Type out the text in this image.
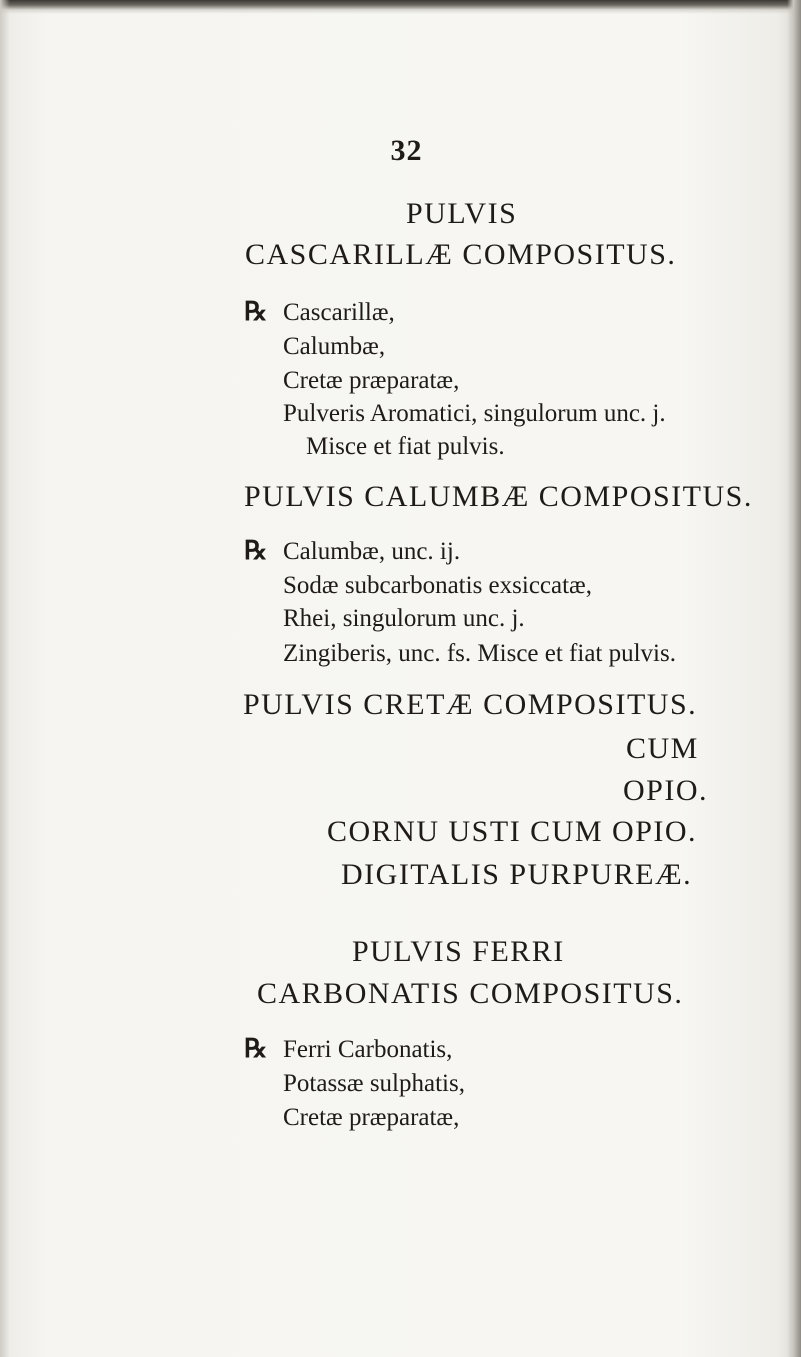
32

PULVIS

CASCARILLÆ COMPOSITUS.

℞ Cascarillæ,

Calumbæ,

Cretæ præparatæ,

Pulveris Aromatici, singulorum unc. j.

Misce et fiat pulvis.

PULVIS CALUMBÆ COMPOSITUS.

℞ Calumbæ, unc. ij.

Sodæ subcarbonatis exsiccatæ,

Rhei, singulorum unc. j.

Zingiberis, unc. fs. Misce et fiat pulvis.

PULVIS CRETÆ COMPOSITUS.

CUM

OPIO.

CORNU USTI CUM OPIO.

DIGITALIS PURPUREÆ.

PULVIS FERRI

CARBONATIS COMPOSITUS.

℞ Ferri Carbonatis,

Potassæ sulphatis,

Cretæ præparatæ,
